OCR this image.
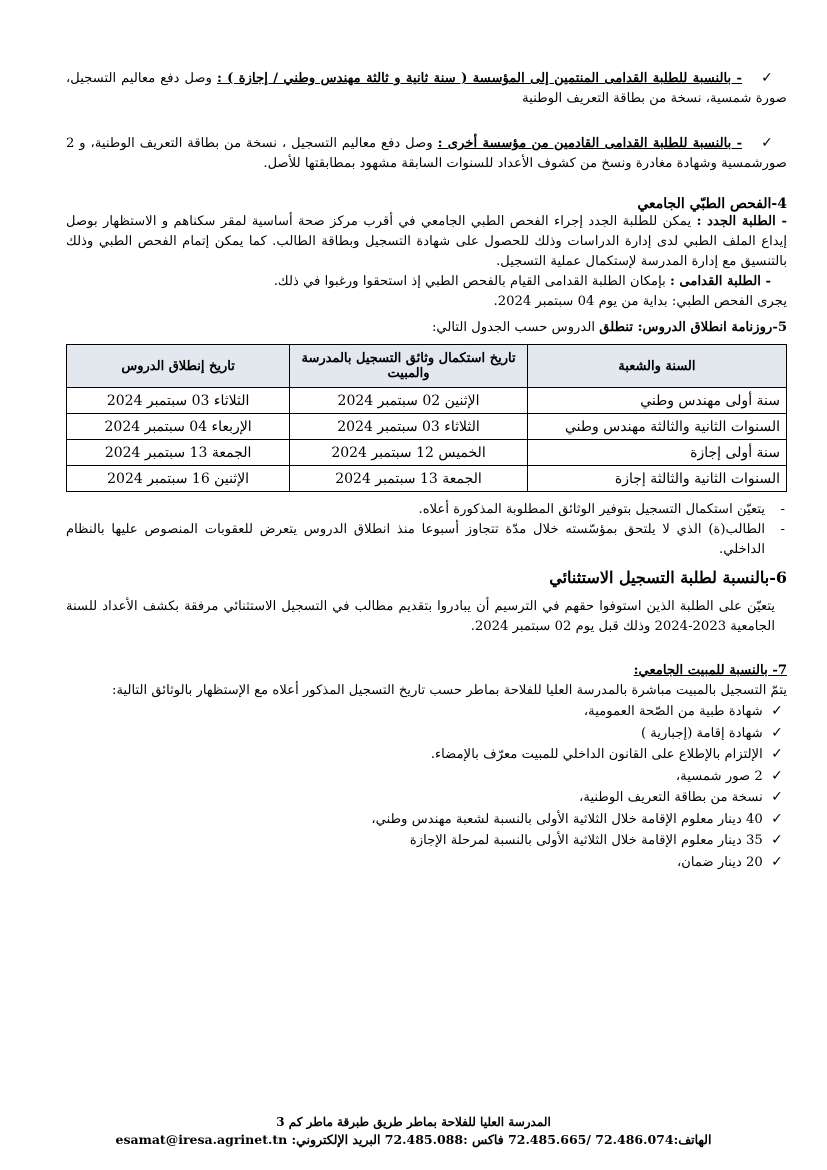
✓ - بالنسبة للطلبة القدامى المنتمين إلى المؤسسة ( سنة ثانية و ثالثة مهندس وطني / إجازة ) : وصل دفع معاليم التسجيل، صورة شمسية، نسخة من بطاقة التعريف الوطنية
✓ - بالنسبة للطلبة القدامى القادمين من مؤسسة أخرى : وصل دفع معاليم التسجيل ، نسخة من بطاقة التعريف الوطنية، و 2 صورشمسية وشهادة مغادرة ونسخ من كشوف الأعداد للسنوات السابقة مشهود بمطابقتها للأصل.
4-الفحص الطبّي الجامعي
- الطلبة الجدد : يمكن للطلبة الجدد إجراء الفحص الطبي الجامعي في أقرب مركز صحة أساسية لمقر سكناهم و الاستظهار بوصل إيداع الملف الطبي لدى إدارة الدراسات وذلك للحصول على شهادة التسجيل وبطاقة الطالب. كما يمكن إتمام الفحص الطبي وذلك بالتنسيق مع إدارة المدرسة لإستكمال عملية التسجيل.
- الطلبة القدامى : بإمكان الطلبة القدامى القيام بالفحص الطبي إذ استحقوا ورغبوا في ذلك.
يجرى الفحص الطبي: بداية من يوم 04 سبتمبر 2024.
5-روزنامة انطلاق الدروس: تنطلق الدروس حسب الجدول التالي:
السنة والشعبة	تاريخ استكمال وثائق التسجيل بالمدرسة والمبيت	تاريخ إنطلاق الدروس
سنة أولى مهندس وطني	الإثنين 02 سبتمبر 2024	الثلاثاء 03 سبتمبر 2024
السنوات الثانية والثالثة مهندس وطني	الثلاثاء 03 سبتمبر 2024	الإربعاء 04 سبتمبر 2024
سنة أولى إجازة	الخميس 12 سبتمبر 2024	الجمعة 13 سبتمبر 2024
السنوات الثانية والثالثة إجازة	الجمعة 13 سبتمبر 2024	الإثنين 16 سبتمبر 2024
- يتعيّن استكمال التسجيل بتوفير الوثائق المطلوبة المذكورة أعلاه.
- الطالب(ة) الذي لا يلتحق بمؤسّسته خلال مدّة تتجاوز أسبوعا منذ انطلاق الدروس يتعرض للعقوبات المنصوص عليها بالنظام الداخلي.
6-بالنسبة لطلبة التسجيل الاستثنائي
يتعيّن على الطلبة الذين استوفوا حقهم في الترسيم أن يبادروا بتقديم مطالب في التسجيل الاستثنائي مرفقة بكشف الأعداد للسنة الجامعية 2023-2024 وذلك قبل يوم 02 سبتمبر 2024.
7- بالنسبة للمبيت الجامعي:
يتمّ التسجيل بالمبيت مباشرة بالمدرسة العليا للفلاحة بماطر حسب تاريخ التسجيل المذكور أعلاه مع الإستظهار بالوثائق التالية:
✓ شهادة طبية من الصّحة العمومية،
✓ شهادة إقامة (إجبارية )
✓ الإلتزام بالإطلاع على القانون الداخلي للمبيت معرّف بالإمضاء.
✓ 2 صور شمسية،
✓ نسخة من بطاقة التعريف الوطنية،
✓ 40 دينار معلوم الإقامة خلال الثلاثية الأولى بالنسبة لشعبة مهندس وطني،
✓ 35 دينار معلوم الإقامة خلال الثلاثية الأولى بالنسبة لمرحلة الإجازة
✓ 20 دينار ضمان،
المدرسة العليا للفلاحة بماطر طريق طبرقة ماطر كم 3
الهاتف:72.486.074 /72.485.665 فاكس :72.485.088 البريد الإلكتروني: esamat@iresa.agrinet.tn
